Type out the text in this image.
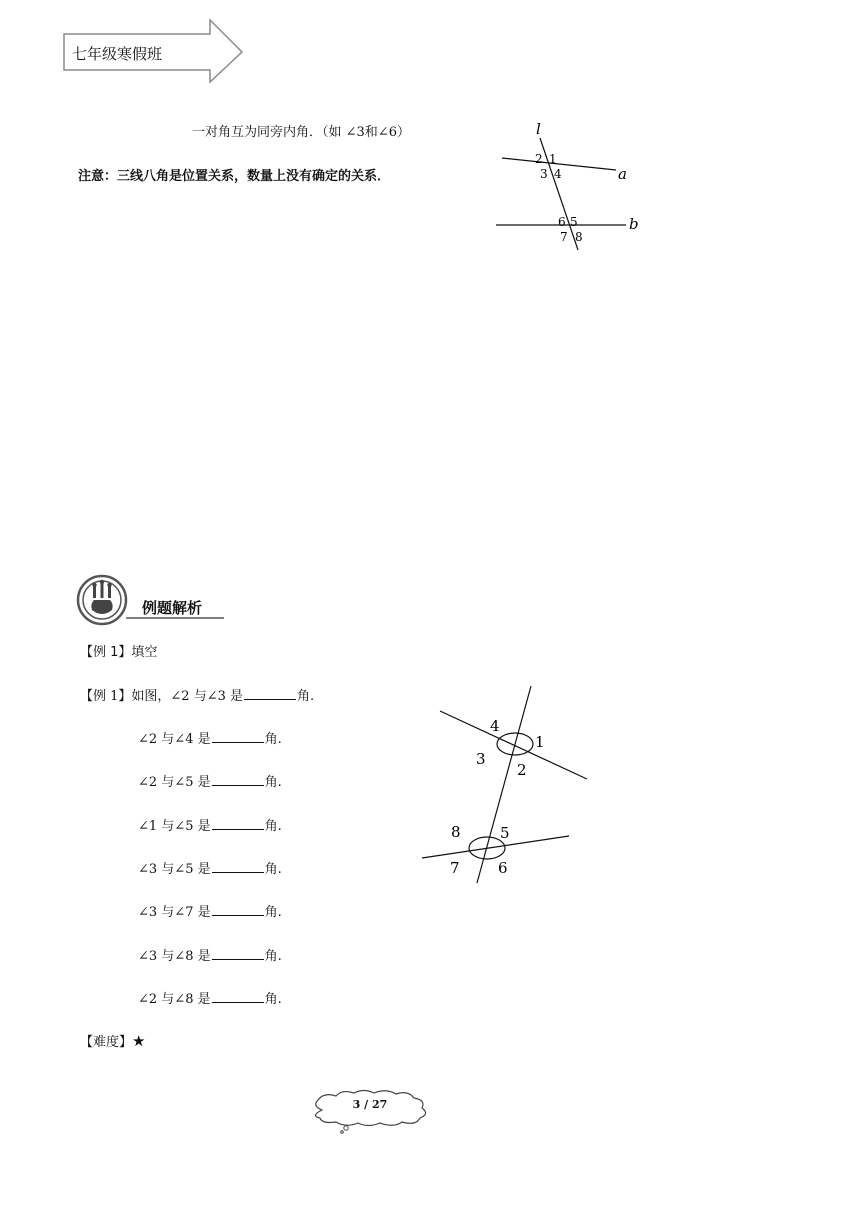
七年级寒假班
一对角互为同旁内角．（如 ∠3和∠6）
注意：三线八角是位置关系，数量上没有确定的关系．
l
a
b
2 1
3 4
6 5
7 8
例题解析
【例 1】填空
【例 1】如图，∠2 与∠3 是	角.
∠2 与∠4 是	角.
∠2 与∠5 是	角.
∠1 与∠5 是	角.
∠3 与∠5 是	角.
∠3 与∠7 是	角.
∠3 与∠8 是	角.
∠2 与∠8 是	角.
4
1
3
2
8	5
7	6
【难度】★
3 / 27
